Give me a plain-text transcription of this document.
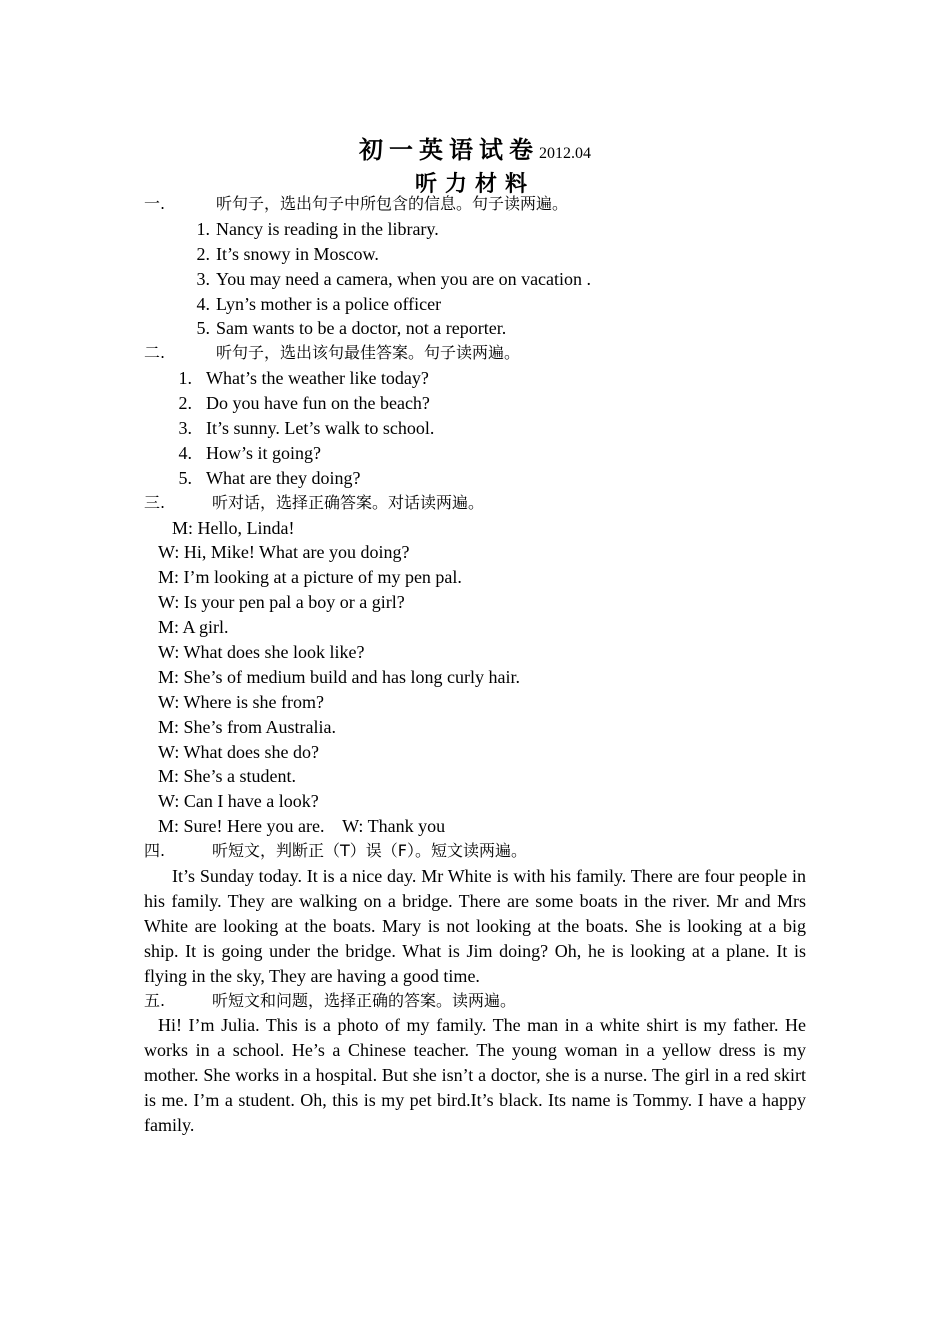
初一英语试卷2012.04
听力材料
一.	听句子，选出句子中所包含的信息。句子读两遍。
1. Nancy is reading in the library.
2. It’s snowy in Moscow.
3. You may need a camera, when you are on vacation .
4. Lyn’s mother is a police officer
5. Sam wants to be a doctor, not a reporter.
二.	听句子，选出该句最佳答案。句子读两遍。
1. What’s the weather like today?
2. Do you have fun on the beach?
3. It’s sunny. Let’s walk to school.
4. How’s it going?
5. What are they doing?
三.	听对话，选择正确答案。对话读两遍。
M: Hello, Linda!
W: Hi, Mike! What are you doing?
M: I’m looking at a picture of my pen pal.
W: Is your pen pal a boy or a girl?
M: A girl.
W: What does she look like?
M: She’s of medium build and has long curly hair.
W: Where is she from?
M: She’s from Australia.
W: What does she do?
M: She’s a student.
W: Can I have a look?
M: Sure! Here you are.    W: Thank you
四.	听短文，判断正（T）误（F）。短文读两遍。
It’s Sunday today. It is a nice day. Mr White is with his family. There are four people in his family. They are walking on a bridge. There are some boats in the river. Mr and Mrs White are looking at the boats. Mary is not looking at the boats. She is looking at a big ship. It is going under the bridge. What is Jim doing? Oh, he is looking at a plane. It is flying in the sky, They are having a good time.
五.	听短文和问题，选择正确的答案。读两遍。
Hi! I’m Julia. This is a photo of my family. The man in a white shirt is my father. He works in a school. He’s a Chinese teacher. The young woman in a yellow dress is my mother. She works in a hospital. But she isn’t a doctor, she is a nurse. The girl in a red skirt is me. I’m a student. Oh, this is my pet bird.It’s black. Its name is Tommy. I have a happy family.
